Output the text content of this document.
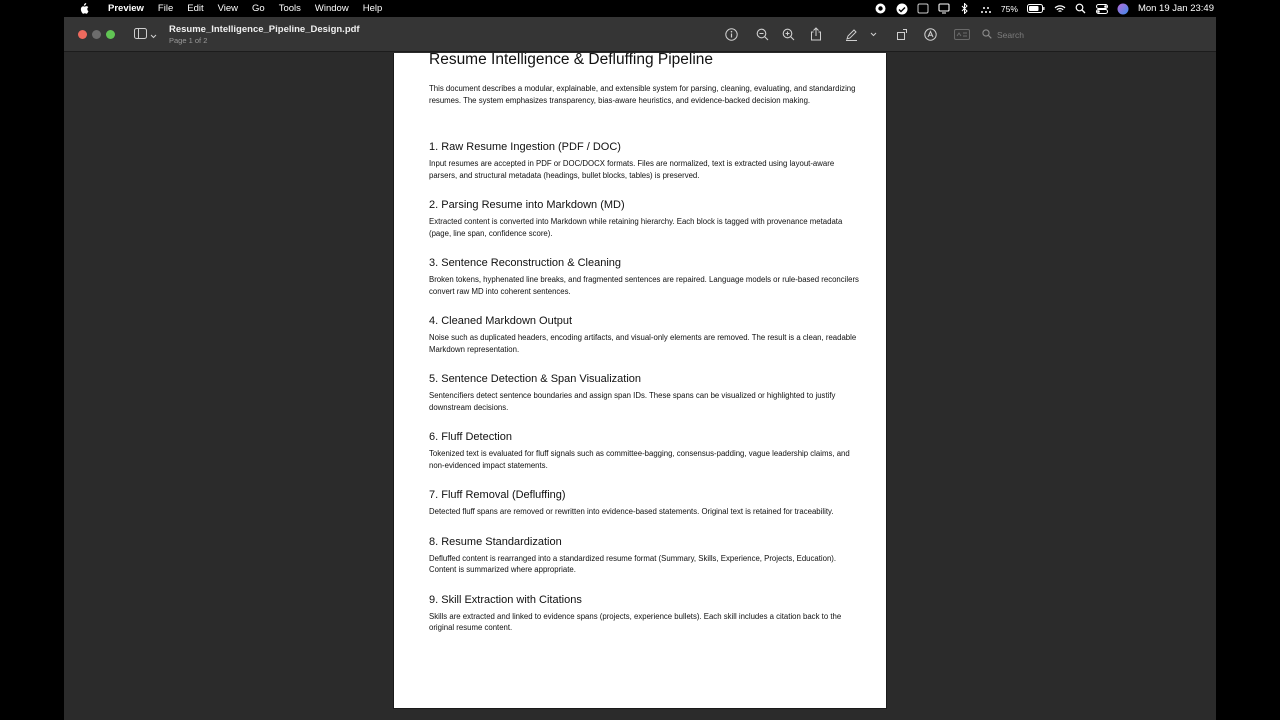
Preview	File	Edit	View	Go	Tools	Window	Help	75%	Mon 19 Jan 23:49
Resume_Intelligence_Pipeline_Design.pdf
Page 1 of 2
Search
Resume Intelligence & Defluffing Pipeline
This document describes a modular, explainable, and extensible system for parsing, cleaning, evaluating, and standardizing resumes. The system emphasizes transparency, bias-aware heuristics, and evidence-backed decision making.
1. Raw Resume Ingestion (PDF / DOC)

Input resumes are accepted in PDF or DOC/DOCX formats. Files are normalized, text is extracted using layout-aware parsers, and structural metadata (headings, bullet blocks, tables) is preserved.

2. Parsing Resume into Markdown (MD)

Extracted content is converted into Markdown while retaining hierarchy. Each block is tagged with provenance metadata (page, line span, confidence score).

3. Sentence Reconstruction & Cleaning

Broken tokens, hyphenated line breaks, and fragmented sentences are repaired. Language models or rule-based reconcilers convert raw MD into coherent sentences.

4. Cleaned Markdown Output

Noise such as duplicated headers, encoding artifacts, and visual-only elements are removed. The result is a clean, readable Markdown representation.

5. Sentence Detection & Span Visualization

Sentencifiers detect sentence boundaries and assign span IDs. These spans can be visualized or highlighted to justify downstream decisions.

6. Fluff Detection

Tokenized text is evaluated for fluff signals such as committee-bagging, consensus-padding, vague leadership claims, and non-evidenced impact statements.

7. Fluff Removal (Defluffing)

Detected fluff spans are removed or rewritten into evidence-based statements. Original text is retained for traceability.

8. Resume Standardization

Defluffed content is rearranged into a standardized resume format (Summary, Skills, Experience, Projects, Education). Content is summarized where appropriate.

9. Skill Extraction with Citations

Skills are extracted and linked to evidence spans (projects, experience bullets). Each skill includes a citation back to the original resume content.
